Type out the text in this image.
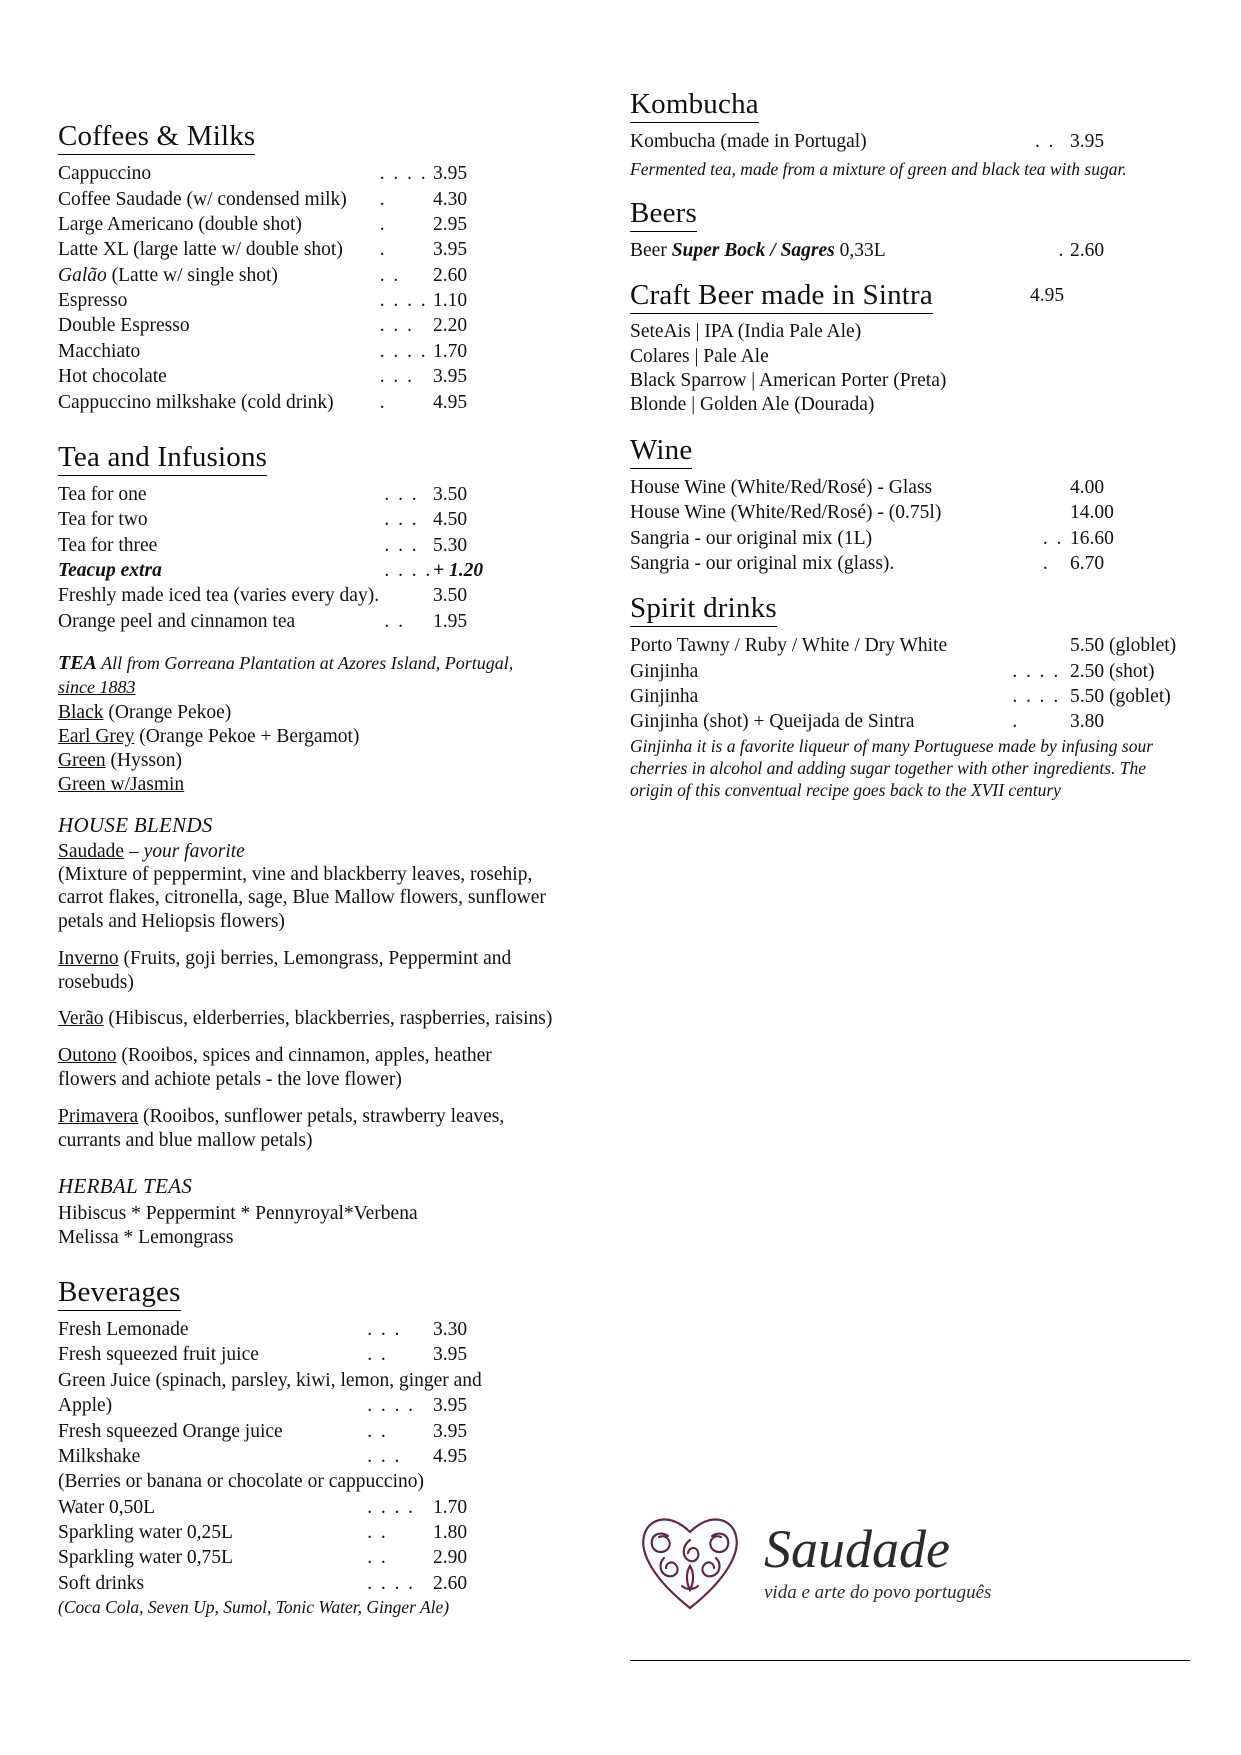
Coffees & Milks
Cappuccino	. . . .	3.95
Coffee Saudade (w/ condensed milk)	.	4.30
Large Americano (double shot)	.	2.95
Latte XL (large latte w/ double shot)	.	3.95
Galão (Latte w/ single shot)	. .	2.60
Espresso	. . . .	1.10
Double Espresso	. . .	2.20
Macchiato	. . . .	1.70
Hot chocolate	. . .	3.95
Cappuccino milkshake (cold drink)	.	4.95
Tea and Infusions
Tea for one	. . .	3.50
Tea for two	. . .	4.50
Tea for three	. . .	5.30
Teacup extra	. . . .	+ 1.20
Freshly made iced tea (varies every day).		3.50
Orange peel and cinnamon tea	. .	1.95

TEA All from Gorreana Plantation at Azores Island, Portugal, since 1883

Black (Orange Pekoe)
Earl Grey (Orange Pekoe + Bergamot)
Green (Hysson)
Green w/Jasmin

HOUSE BLENDS

Saudade – your favorite

(Mixture of peppermint, vine and blackberry leaves, rosehip, carrot flakes, citronella, sage, Blue Mallow flowers, sunflower petals and Heliopsis flowers)

Inverno (Fruits, goji berries, Lemongrass, Peppermint and rosebuds)

Verão (Hibiscus, elderberries, blackberries, raspberries, raisins)

Outono (Rooibos, spices and cinnamon, apples, heather flowers and achiote petals - the love flower)

Primavera (Rooibos, sunflower petals, strawberry leaves, currants and blue mallow petals)

HERBAL TEAS

Hibiscus * Peppermint * Pennyroyal*Verbena
Melissa * Lemongrass
Beverages
Fresh Lemonade	. . .	3.30
Fresh squeezed fruit juice	. .	3.95
Green Juice (spinach, parsley, kiwi, lemon, ginger and		
Apple)	. . . .	3.95
Fresh squeezed Orange juice	. .	3.95
Milkshake	. . .	4.95
(Berries or banana or chocolate or cappuccino)		
Water 0,50L	. . . .	1.70
Sparkling water 0,25L	. .	1.80
Sparkling water 0,75L	. .	2.90
Soft drinks	. . . .	2.60

(Coca Cola, Seven Up, Sumol, Tonic Water, Ginger Ale)

Kombucha
Kombucha (made in Portugal)	. .	3.95

Fermented tea, made from a mixture of green and black tea with sugar.

Beers
Beer Super Bock / Sagres 0,33L	.	2.60
Craft Beer made in Sintra	4.95
SeteAis | IPA (India Pale Ale)
Colares | Pale Ale
Black Sparrow | American Porter (Preta)
Blonde | Golden Ale (Dourada)
Wine
House Wine (White/Red/Rosé) - Glass		4.00
House Wine (White/Red/Rosé) - (0.75l)		14.00
Sangria - our original mix (1L)	. .	16.60
Sangria - our original mix (glass).	.	6.70
Spirit drinks
Porto Tawny / Ruby / White / Dry White		5.50 (globlet)
Ginjinha	. . . .	2.50 (shot)
Ginjinha	. . . .	5.50 (goblet)
Ginjinha (shot) + Queijada de Sintra	.	3.80

Ginjinha it is a favorite liqueur of many Portuguese made by infusing sour cherries in alcohol and adding sugar together with other ingredients. The origin of this conventual recipe goes back to the XVII century

Saudade
vida e arte do povo português
